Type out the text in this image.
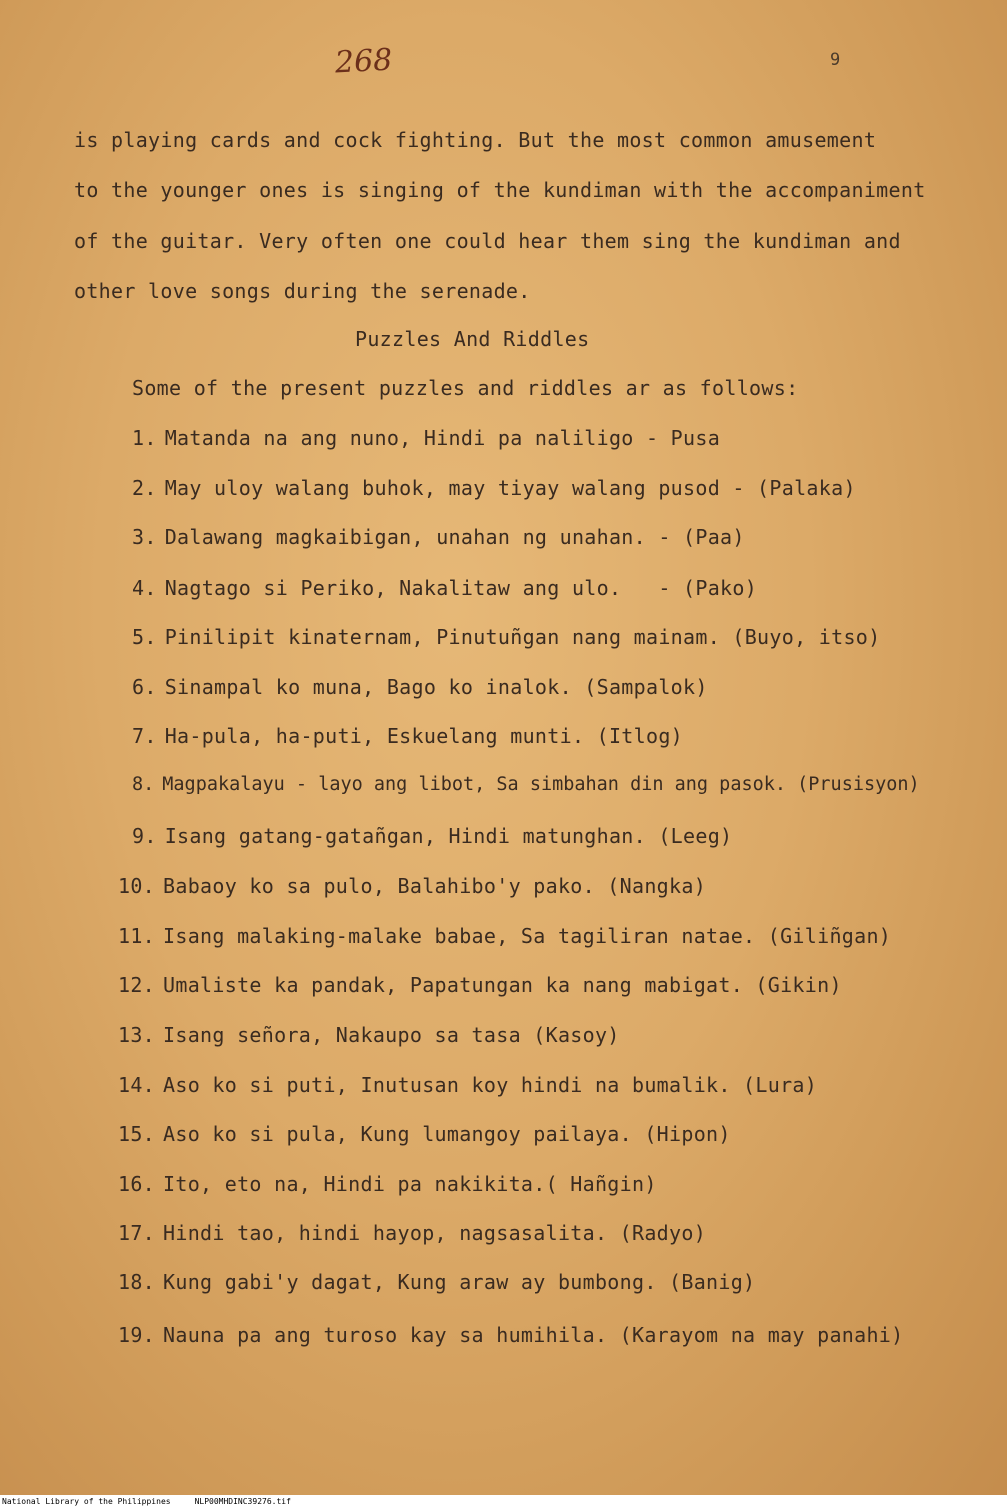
268	9
is playing cards and cock fighting. But the most common amusement
to the younger ones is singing of the kundiman with the accompaniment
of the guitar. Very often one could hear them sing the kundiman and
other love songs during the serenade.
Puzzles And Riddles
Some of the present puzzles and riddles ar as follows:
1. Matanda na ang nuno, Hindi pa naliligo - Pusa
2. May uloy walang buhok, may tiyay walang pusod - (Palaka)
3. Dalawang magkaibigan, unahan ng unahan. - (Paa)
4. Nagtago si Periko, Nakalitaw ang ulo.   - (Pako)
5. Pinilipit kinaternam, Pinutuñgan nang mainam. (Buyo, itso)
6. Sinampal ko muna, Bago ko inalok. (Sampalok)
7. Ha-pula, ha-puti, Eskuelang munti. (Itlog)
8. Magpakalayu - layo ang libot, Sa simbahan din ang pasok. (Prusisyon)
9. Isang gatang-gatañgan, Hindi matunghan. (Leeg)
10. Babaoy ko sa pulo, Balahibo'y pako. (Nangka)
11. Isang malaking-malake babae, Sa tagiliran natae. (Giliñgan)
12. Umaliste ka pandak, Papatungan ka nang mabigat. (Gikin)
13. Isang señora, Nakaupo sa tasa (Kasoy)
14. Aso ko si puti, Inutusan koy hindi na bumalik. (Lura)
15. Aso ko si pula, Kung lumangoy pailaya. (Hipon)
16. Ito, eto na, Hindi pa nakikita.( Hañgin)
17. Hindi tao, hindi hayop, nagsasalita. (Radyo)
18. Kung gabi'y dagat, Kung araw ay bumbong. (Banig)
19. Nauna pa ang turoso kay sa humihila. (Karayom na may panahi)
National Library of the Philippines	NLP00MHDINC39276.tif
